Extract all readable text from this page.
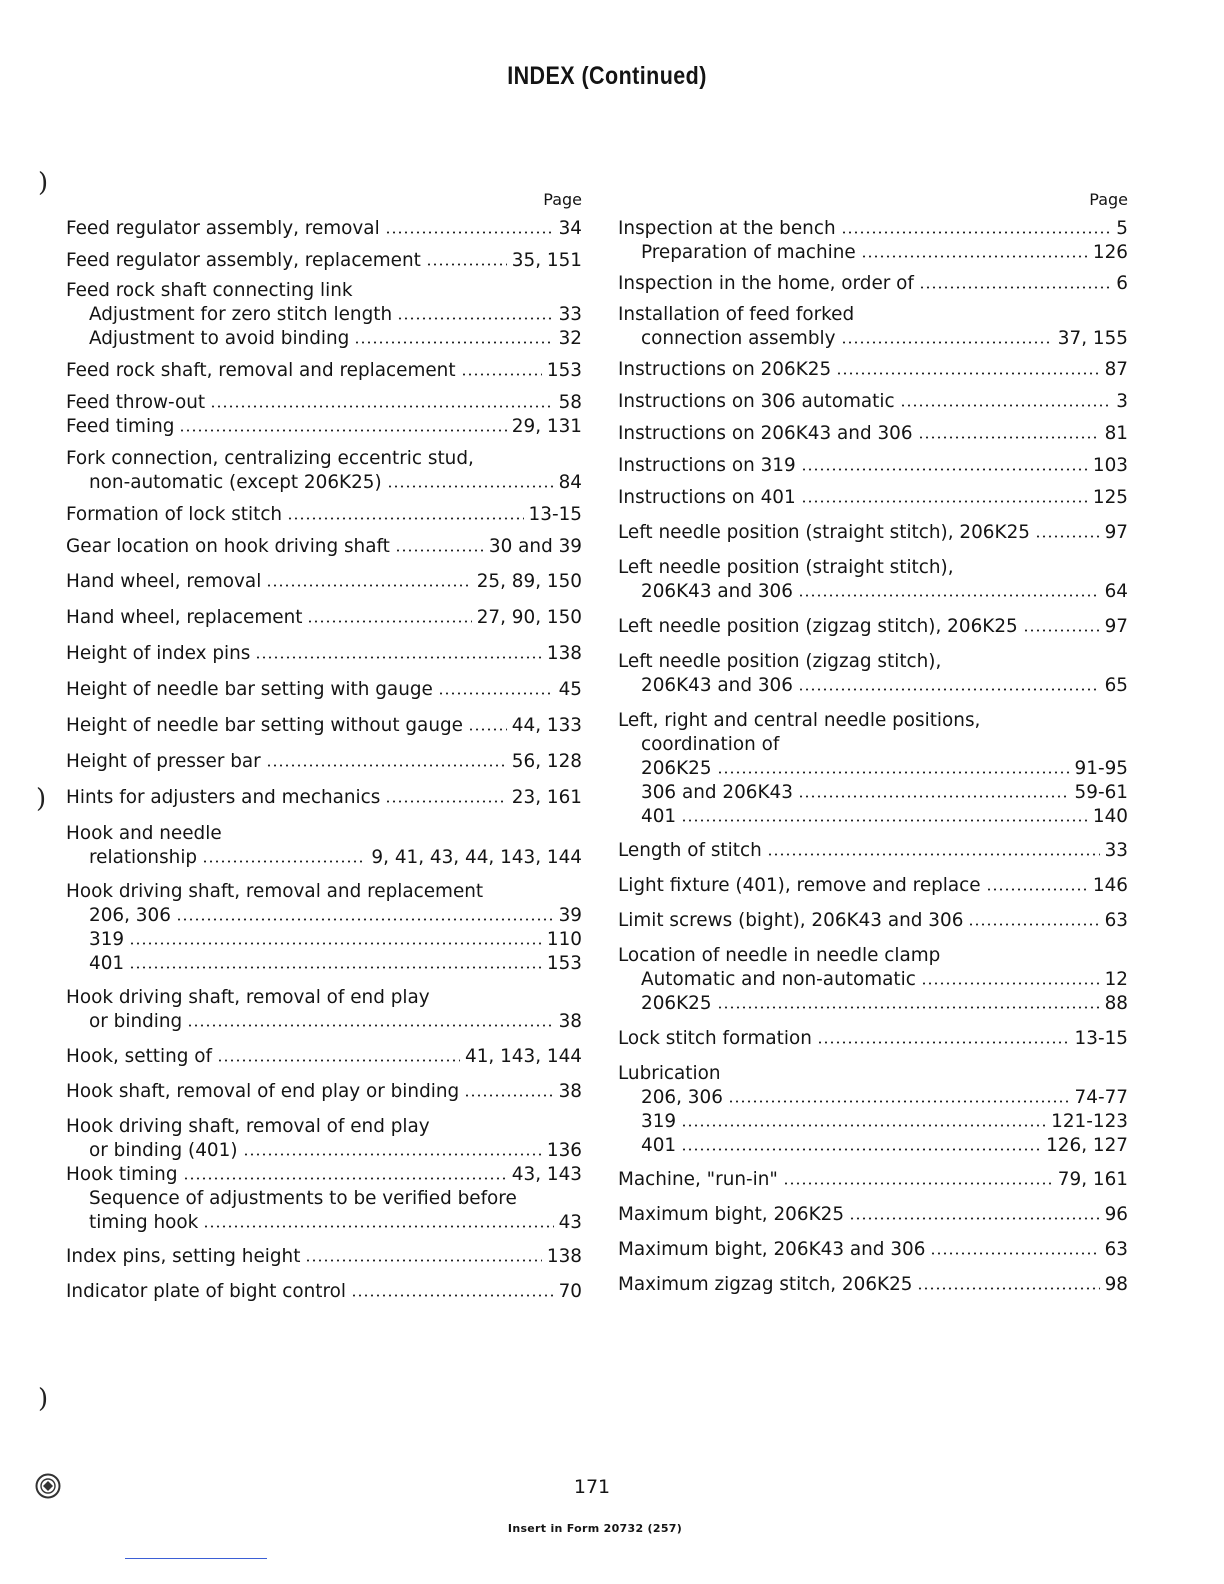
INDEX (Continued)
)
)
)
Page
Feed regulator assembly, removal	34
Feed regulator assembly, replacement	35, 151
Feed rock shaft connecting link
Adjustment for zero stitch length	33
Adjustment to avoid binding	32
Feed rock shaft, removal and replacement	153
Feed throw-out	58
Feed timing	29, 131
Fork connection, centralizing eccentric stud,
non-automatic (except 206K25)	84
Formation of lock stitch	13-15
Gear location on hook driving shaft	30 and 39
Hand wheel, removal	25, 89, 150
Hand wheel, replacement	27, 90, 150
Height of index pins	138
Height of needle bar setting with gauge	45
Height of needle bar setting without gauge	44, 133
Height of presser bar	56, 128
Hints for adjusters and mechanics	23, 161
Hook and needle
relationship	9, 41, 43, 44, 143, 144
Hook driving shaft, removal and replacement
206, 306	39
319	110
401	153
Hook driving shaft, removal of end play
or binding	38
Hook, setting of	41, 143, 144
Hook shaft, removal of end play or binding	38
Hook driving shaft, removal of end play
or binding (401)	136
Hook timing	43, 143
Sequence of adjustments to be verified before
timing hook	43
Index pins, setting height	138
Indicator plate of bight control	70
Page
Inspection at the bench	5
Preparation of machine	126
Inspection in the home, order of	6
Installation of feed forked
connection assembly	37, 155
Instructions on 206K25	87
Instructions on 306 automatic	3
Instructions on 206K43 and 306	81
Instructions on 319	103
Instructions on 401	125
Left needle position (straight stitch), 206K25	97
Left needle position (straight stitch),
206K43 and 306	64
Left needle position (zigzag stitch), 206K25	97
Left needle position (zigzag stitch),
206K43 and 306	65
Left, right and central needle positions,
coordination of
206K25	91-95
306 and 206K43	59-61
401	140
Length of stitch	33
Light fixture (401), remove and replace	146
Limit screws (bight), 206K43 and 306	63
Location of needle in needle clamp
Automatic and non-automatic	12
206K25	88
Lock stitch formation	13-15
Lubrication
206, 306	74-77
319	121-123
401	126, 127
Machine, "run-in"	79, 161
Maximum bight, 206K25	96
Maximum bight, 206K43 and 306	63
Maximum zigzag stitch, 206K25	98
171
Insert in Form 20732 (257)
